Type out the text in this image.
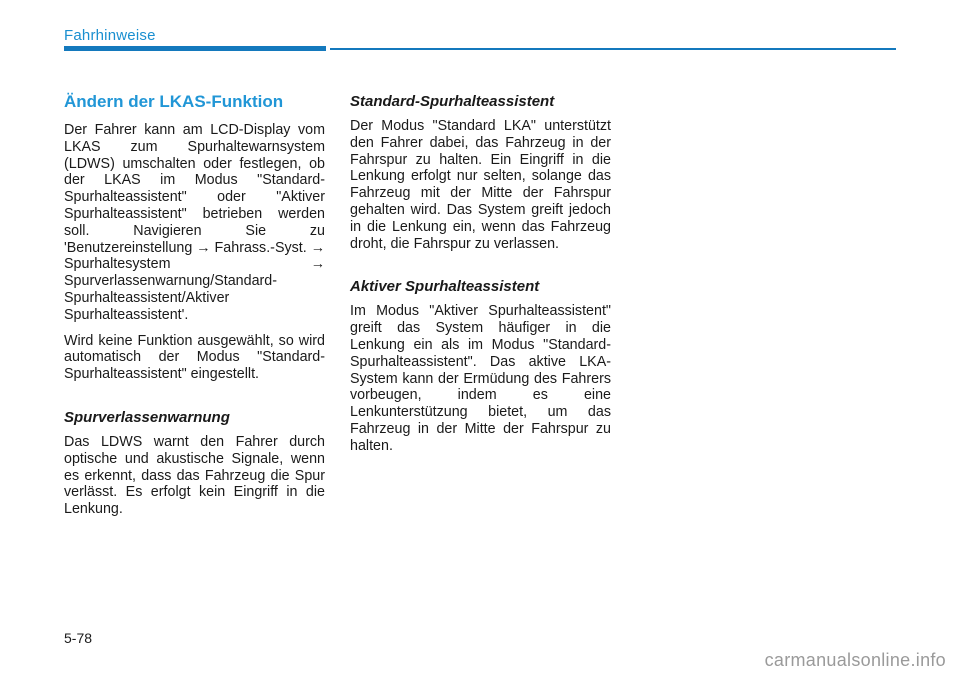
Fahrhinweise
Ändern der LKAS-Funktion

Der Fahrer kann am LCD-Display vom LKAS zum Spurhaltewarnsystem (LDWS) umschalten oder festlegen, ob der LKAS im Modus "Standard-Spurhalteassistent" oder "Aktiver Spurhalteassistent" betrieben werden soll. Navigieren Sie zu 'Benutzereinstellung → Fahrass.-Syst. → Spurhaltesystem → Spurverlassenwarnung/Standard-Spurhalteassistent/Aktiver Spurhalteassistent'.

Wird keine Funktion ausgewählt, so wird automatisch der Modus "Standard-Spurhalteassistent" eingestellt.

Spurverlassenwarnung

Das LDWS warnt den Fahrer durch optische und akustische Signale, wenn es erkennt, dass das Fahrzeug die Spur verlässt. Es erfolgt kein Eingriff in die Lenkung.

Standard-Spurhalteassistent

Der Modus "Standard LKA" unterstützt den Fahrer dabei, das Fahrzeug in der Fahrspur zu halten. Ein Eingriff in die Lenkung erfolgt nur selten, solange das Fahrzeug mit der Mitte der Fahrspur gehalten wird. Das System greift jedoch in die Lenkung ein, wenn das Fahrzeug droht, die Fahrspur zu verlassen.

Aktiver Spurhalteassistent

Im Modus "Aktiver Spurhalteassistent" greift das System häufiger in die Lenkung ein als im Modus "Standard-Spurhalteassistent". Das aktive LKA-System kann der Ermüdung des Fahrers vorbeugen, indem es eine Lenkunterstützung bietet, um das Fahrzeug in der Mitte der Fahrspur zu halten.

5-78
carmanualsonline.info
